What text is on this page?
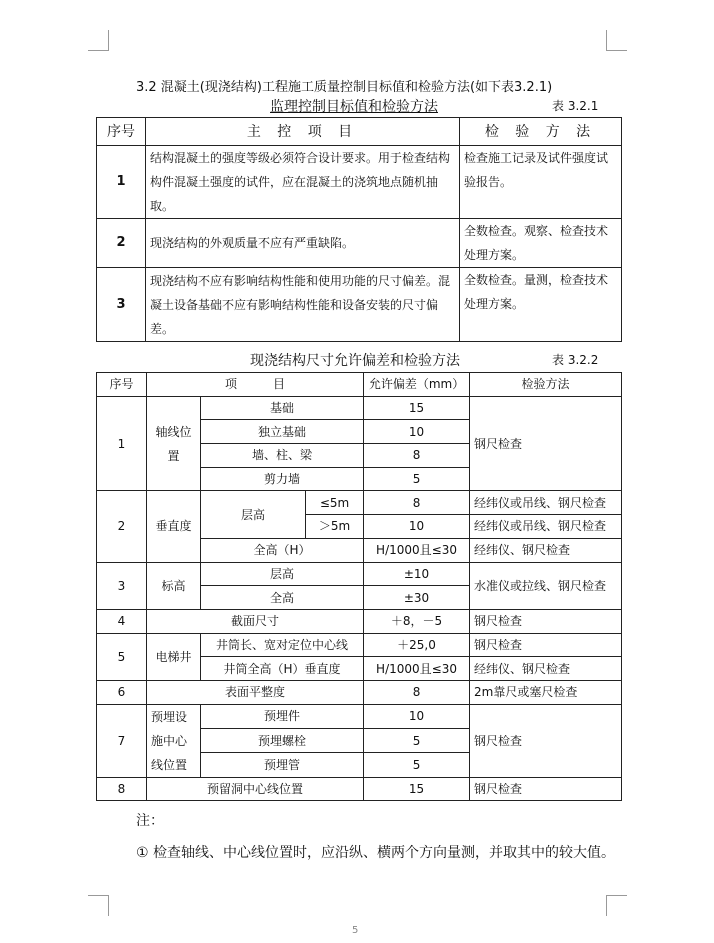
3.2 混凝土(现浇结构)工程施工质量控制目标值和检验方法(如下表3.2.1)
监理控制目标值和检验方法	表 3.2.1
序号	主 控 项 目	检 验 方 法
1	结构混凝土的强度等级必须符合设计要求。用于检查结构构件混凝土强度的试件，应在混凝土的浇筑地点随机抽取。	检查施工记录及试件强度试验报告。
2	现浇结构的外观质量不应有严重缺陷。	全数检查。观察、检查技术处理方案。
3	现浇结构不应有影响结构性能和使用功能的尺寸偏差。混凝土设备基础不应有影响结构性能和设备安装的尺寸偏差。	全数检查。量测，检查技术处理方案。
现浇结构尺寸允许偏差和检验方法	表 3.2.2
序号	项　　　目			允许偏差（mm）	检验方法
1	轴线位置	基础		15	钢尺检查
		独立基础		10	
		墙、柱、梁		8	
		剪力墙		5	
2	垂直度	层高	≤5m	8	经纬仪或吊线、钢尺检查
			＞5m	10	经纬仪或吊线、钢尺检查
		全高（H）		H/1000且≤30	经纬仪、钢尺检查
3	标高	层高		±10	水准仪或拉线、钢尺检查
		全高		±30	
4	截面尺寸			＋8，－5	钢尺检查
5	电梯井	井筒长、宽对定位中心线		＋25,0	钢尺检查
		井筒全高（H）垂直度		H/1000且≤30	经纬仪、钢尺检查
6	表面平整度			8	2m靠尺或塞尺检查
7	预埋设施中心线位置	预埋件		10	钢尺检查
		预埋螺栓		5	
		预埋管		5	
8	预留洞中心线位置			15	钢尺检查
注：
① 检查轴线、中心线位置时，应沿纵、横两个方向量测，并取其中的较大值。
5
